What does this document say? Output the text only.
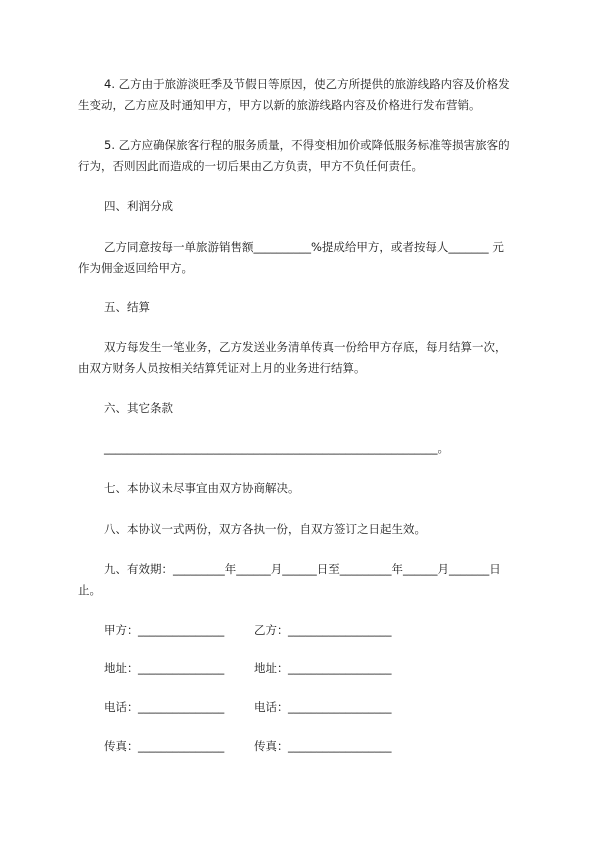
4. 乙方由于旅游淡旺季及节假日等原因，使乙方所提供的旅游线路内容及价格发
生变动，乙方应及时通知甲方，甲方以新的旅游线路内容及价格进行发布营销。
5. 乙方应确保旅客行程的服务质量，不得变相加价或降低服务标准等损害旅客的
行为，否则因此而造成的一切后果由乙方负责，甲方不负任何责任。
四、利润分成
乙方同意按每一单旅游销售额__________%提成给甲方，或者按每人_______ 元
作为佣金返回给甲方。
五、结算
双方每发生一笔业务，乙方发送业务清单传真一份给甲方存底，每月结算一次，
由双方财务人员按相关结算凭证对上月的业务进行结算。
六、其它条款
__________________________________________________________。
七、本协议未尽事宜由双方协商解决。
八、本协议一式两份，双方各执一份，自双方签订之日起生效。
九、有效期：_________年______月______日至_________年______月_______日
止。
甲方： _______________	乙方： __________________
地址： _______________	地址： __________________
电话： _______________	电话： __________________
传真： _______________	传真： __________________
